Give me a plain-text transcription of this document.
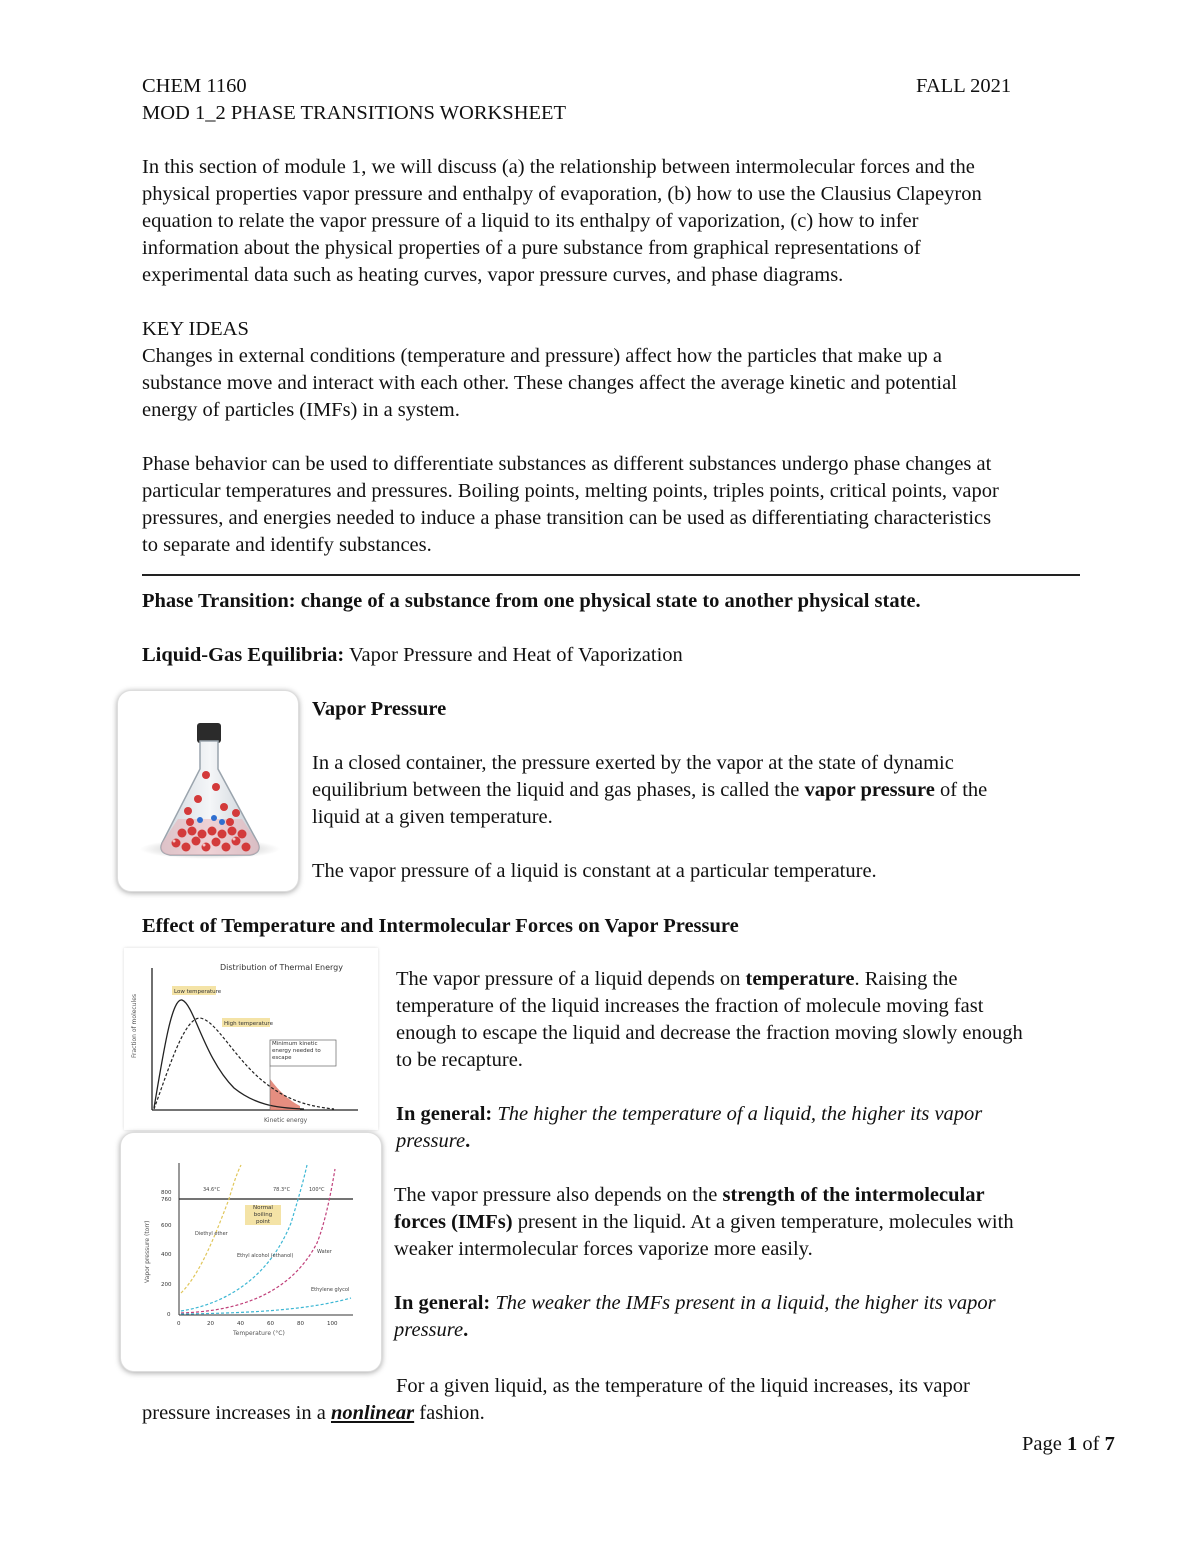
CHEM 1160	FALL 2021
MOD 1_2 PHASE TRANSITIONS WORKSHEET
In this section of module 1, we will discuss (a) the relationship between intermolecular forces and the
physical properties vapor pressure and enthalpy of evaporation, (b) how to use the Clausius Clapeyron
equation to relate the vapor pressure of a liquid to its enthalpy of vaporization, (c) how to infer
information about the physical properties of a pure substance from graphical representations of
experimental data such as heating curves, vapor pressure curves, and phase diagrams.
KEY IDEAS
Changes in external conditions (temperature and pressure) affect how the particles that make up a
substance move and interact with each other. These changes affect the average kinetic and potential
energy of particles (IMFs) in a system.
Phase behavior can be used to differentiate substances as different substances undergo phase changes at
particular temperatures and pressures. Boiling points, melting points, triples points, critical points, vapor
pressures, and energies needed to induce a phase transition can be used as differentiating characteristics
to separate and identify substances.
Phase Transition: change of a substance from one physical state to another physical state.
Liquid-Gas Equilibria: Vapor Pressure and Heat of Vaporization
Vapor Pressure
In a closed container, the pressure exerted by the vapor at the state of dynamic
equilibrium between the liquid and gas phases, is called the vapor pressure of the
liquid at a given temperature.
The vapor pressure of a liquid is constant at a particular temperature.
Effect of Temperature and Intermolecular Forces on Vapor Pressure
Distribution of Thermal Energy
Fraction of molecules
Kinetic energy
Low temperature
High temperature
Minimum kinetic energy needed to escape
Vapor pressure (torr)
Temperature (°C)
800
760
600
400
200
0
0	20	40	60	80	100
Normal boiling point
Diethyl ether
Ethyl alcohol (ethanol)
Water
Ethylene glycol
34.6°C	78.3°C	100°C
The vapor pressure of a liquid depends on temperature. Raising the
temperature of the liquid increases the fraction of molecule moving fast
enough to escape the liquid and decrease the fraction moving slowly enough
to be recapture.
In general: The higher the temperature of a liquid, the higher its vapor
pressure.
The vapor pressure also depends on the strength of the intermolecular
forces (IMFs) present in the liquid. At a given temperature, molecules with
weaker intermolecular forces vaporize more easily.
In general: The weaker the IMFs present in a liquid, the higher its vapor
pressure.
For a given liquid, as the temperature of the liquid increases, its vapor
pressure increases in a nonlinear fashion.
Page 1 of 7
